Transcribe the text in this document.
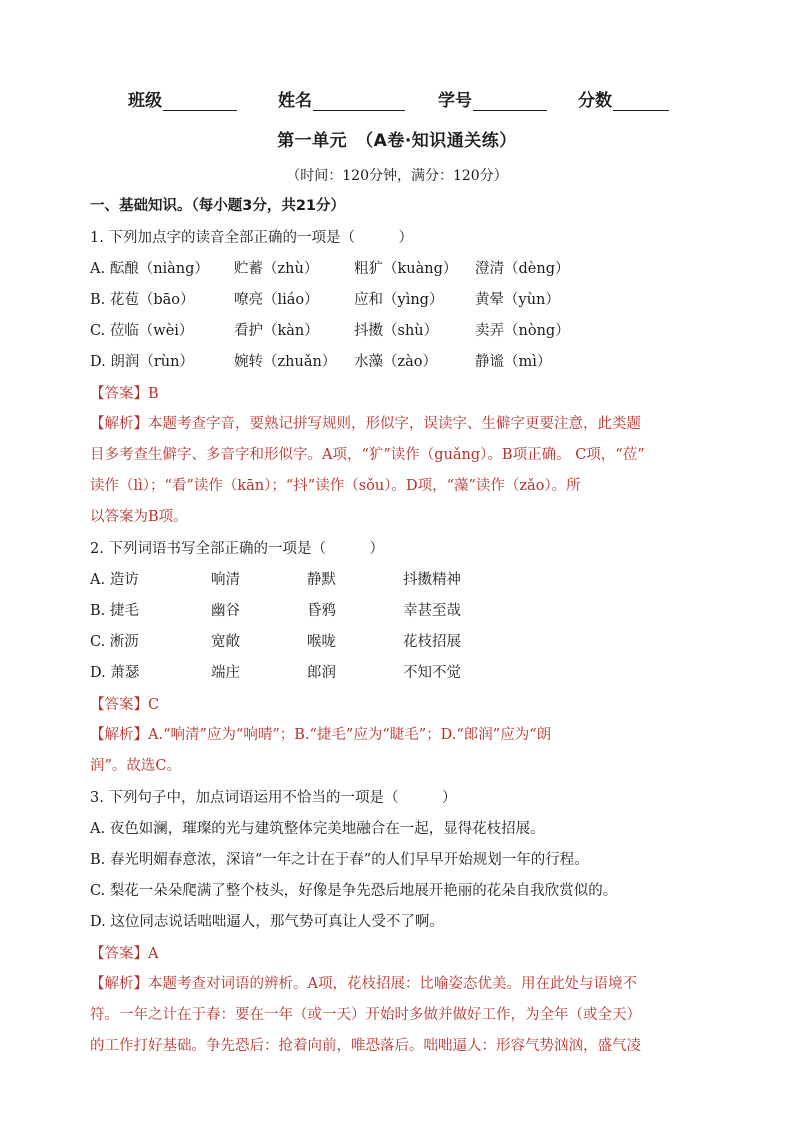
班级	姓名	学号	分数
第一单元　（A卷·知识通关练）
（时间：120分钟，满分：120分）
一、基础知识。（每小题3分，共21分）
1. 下列加点字的读音全部正确的一项是（　　　）
A. 酝酿（niàng） 贮蓄（zhù） 粗犷（kuàng） 澄清（dèng）
B. 花苞（bāo）	嘹亮（liáo） 应和（yìng） 黄晕（yùn）
C. 莅临（wèi）	看护（kàn） 抖擞（shù）	卖弄（nòng）
D. 朗润（rùn）	婉转（zhuǎn） 水藻（zào）	静谧（mì）
【答案】B
【解析】本题考查字音，要熟记拼写规则，形似字，误读字、生僻字更要注意，此类题
目多考查生僻字、多音字和形似字。A项，“犷”读作（guǎng）。B项正确。 C项，“莅”
读作（lì）；“看”读作（kān）；“抖”读作（sǒu）。D项，“藻”读作（zǎo）。所
以答案为B项。
2. 下列词语书写全部正确的一项是（　　　）
A. 造访	响清	静默	抖擞精神
B. 捷毛	幽谷	昏鸦	幸甚至哉
C. 淅沥	宽敞	喉咙	花枝招展
D. 萧瑟	端庄	郎润	不知不觉
【答案】C
【解析】A.“响清”应为“响晴”；B.“捷毛”应为“睫毛”；D.“郎润”应为“朗
润”。故选C。
3. 下列句子中，加点词语运用不恰当的一项是（　　　）
A. 夜色如澜，璀璨的光与建筑整体完美地融合在一起，显得花枝招展。
B. 春光明媚春意浓，深谙“一年之计在于春”的人们早早开始规划一年的行程。
C. 梨花一朵朵爬满了整个枝头，好像是争先恐后地展开艳丽的花朵自我欣赏似的。
D. 这位同志说话咄咄逼人，那气势可真让人受不了啊。
【答案】A
【解析】本题考查对词语的辨析。A项，花枝招展：比喻姿态优美。用在此处与语境不
符。一年之计在于春：要在一年（或一天）开始时多做并做好工作，为全年（或全天）
的工作打好基础。争先恐后：抢着向前，唯恐落后。咄咄逼人：形容气势汹汹，盛气凌
